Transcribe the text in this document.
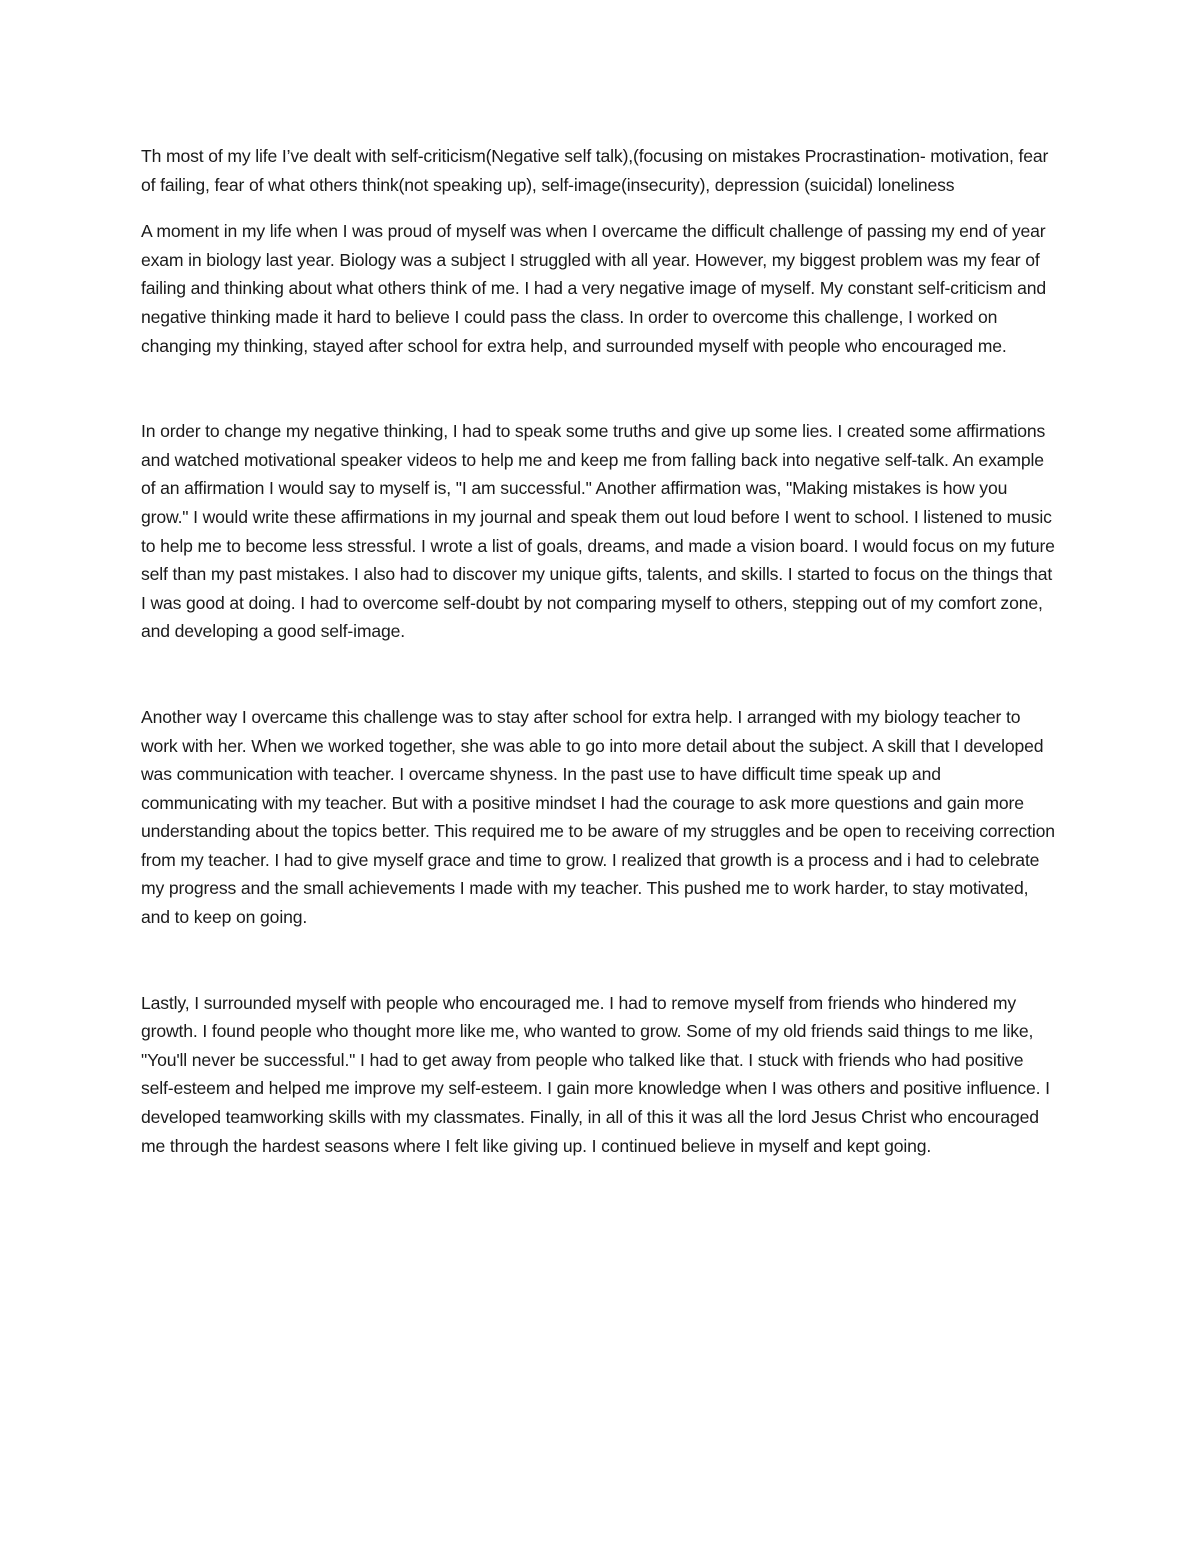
Th most of my life I’ve dealt with self-criticism(Negative self talk),(focusing on mistakes Procrastination- motivation, fear of failing, fear of what others think(not speaking up), self-image(insecurity), depression (suicidal) loneliness

A moment in my life when I was proud of myself was when I overcame the difficult challenge of passing my end of year exam in biology last year. Biology was a subject I struggled with all year. However, my biggest problem was my fear of failing and thinking about what others think of me. I had a very negative image of myself. My constant self-criticism and negative thinking made it hard to believe I could pass the class. In order to overcome this challenge, I worked on changing my thinking, stayed after school for extra help, and surrounded myself with people who encouraged me.

In order to change my negative thinking, I had to speak some truths and give up some lies. I created some affirmations and watched motivational speaker videos to help me and keep me from falling back into negative self-talk. An example of an affirmation I would say to myself is, "I am successful." Another affirmation was, "Making mistakes is how you grow." I would write these affirmations in my journal and speak them out loud before I went to school. I listened to music to help me to become less stressful. I wrote a list of goals, dreams, and made a vision board. I would focus on my future self than my past mistakes. I also had to discover my unique gifts, talents, and skills. I started to focus on the things that I was good at doing. I had to overcome self-doubt by not comparing myself to others, stepping out of my comfort zone, and developing a good self-image.

Another way I overcame this challenge was to stay after school for extra help. I arranged with my biology teacher to work with her. When we worked together, she was able to go into more detail about the subject. A skill that I developed was communication with teacher. I overcame shyness. In the past use to have difficult time speak up and communicating with my teacher. But with a positive mindset I had the courage to ask more questions and gain more understanding about the topics better. This required me to be aware of my struggles and be open to receiving correction from my teacher. I had to give myself grace and time to grow. I realized that growth is a process and i had to celebrate my progress and the small achievements I made with my teacher. This pushed me to work harder, to stay motivated, and to keep on going.

Lastly, I surrounded myself with people who encouraged me. I had to remove myself from friends who hindered my growth. I found people who thought more like me, who wanted to grow. Some of my old friends said things to me like, "You'll never be successful." I had to get away from people who talked like that. I stuck with friends who had positive self-esteem and helped me improve my self-esteem. I gain more knowledge when I was others and positive influence. I developed teamworking skills with my classmates. Finally, in all of this it was all the lord Jesus Christ who encouraged me through the hardest seasons where I felt like giving up. I continued believe in myself and kept going.
